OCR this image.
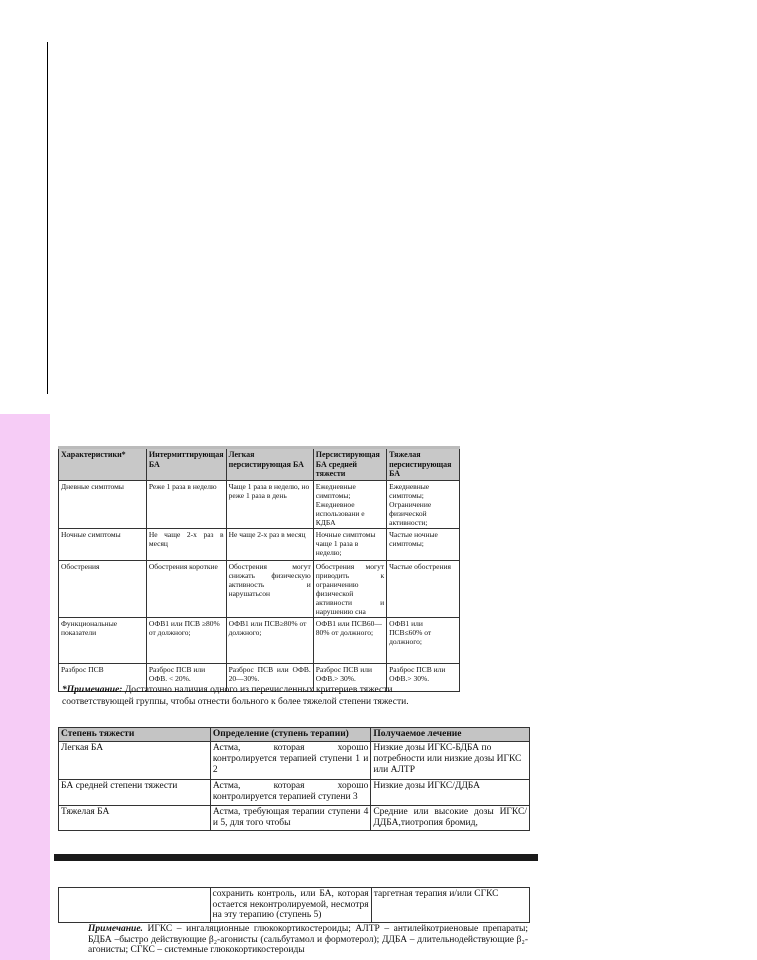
Характеристики*	Интермиттирующая БА	Легкая персистирующая БА	Персистирующая БА средней тяжести	Тяжелая персистирующая БА
Дневные симптомы	Реже 1 раза в неделю	Чаще 1 раза в неделю, но реже 1 раза в день	Ежедневные симптомы; Ежедневное использовани е КДБА	Ежедневные симптомы; Ограничение физической активности;
Ночные симптомы	Не чаще 2-х раз в месяц	Не чаще 2-х раз в месяц	Ночные симптомы чаще 1 раза в неделю;	Частые ночные симптомы;
Обострения	Обострения короткие	Обострения могут снижать физическую активность и нарушатьсон	Обострения могут приводить к ограничению физической активности и нарушению сна	Частые обострения
Функциональные показатели	ОФВ1 или ПСВ ≥80% от должного;	ОФВ1 или ПСВ≥80% от должного;	ОФВ1 или ПСВ60—80% от должного;	ОФВ1 или ПСВ≤60% от должного;
Разброс ПСВ	Разброс ПСВ или ОФВ. < 20%.	Разброс ПСВ или ОФВ. 20—30%.	Разброс ПСВ или ОФВ.> 30%.	Разброс ПСВ или ОФВ.> 30%.

*Примечание: Достаточно наличия одного из перечисленных критериев тяжести соответствующей группы, чтобы отнести больного к более тяжелой степени тяжести.

Степень тяжести	Определение (ступень терапии)	Получаемое лечение
Легкая БА	Астма, которая хорошо контролируется терапией ступени 1 и 2	Низкие дозы ИГКС-БДБА по потребности или низкие дозы ИГКС или АЛТР
БА средней степени тяжести	Астма, которая хорошо контролируется терапией ступени 3	Низкие дозы ИГКС/ДДБА
Тяжелая БА	Астма, требующая терапии ступени 4 и 5, для того чтобы	Средние или высокие дозы ИГКС/ДДБА,тиотропия бромид,
	сохранить контроль, или БА, которая остается неконтролируемой, несмотря на эту терапию (ступень 5)	таргетная терапия и/или СГКС

Примечание. ИГКС – ингаляционные глюкокортикостероиды; АЛТР – антилейкотриеновые препараты; БДБА –быстро действующие β₂-агонисты (сальбутамол и формотерол); ДДБА – длительнодействующие β₂-агонисты; СГКС – системные глюкокортикостероиды
